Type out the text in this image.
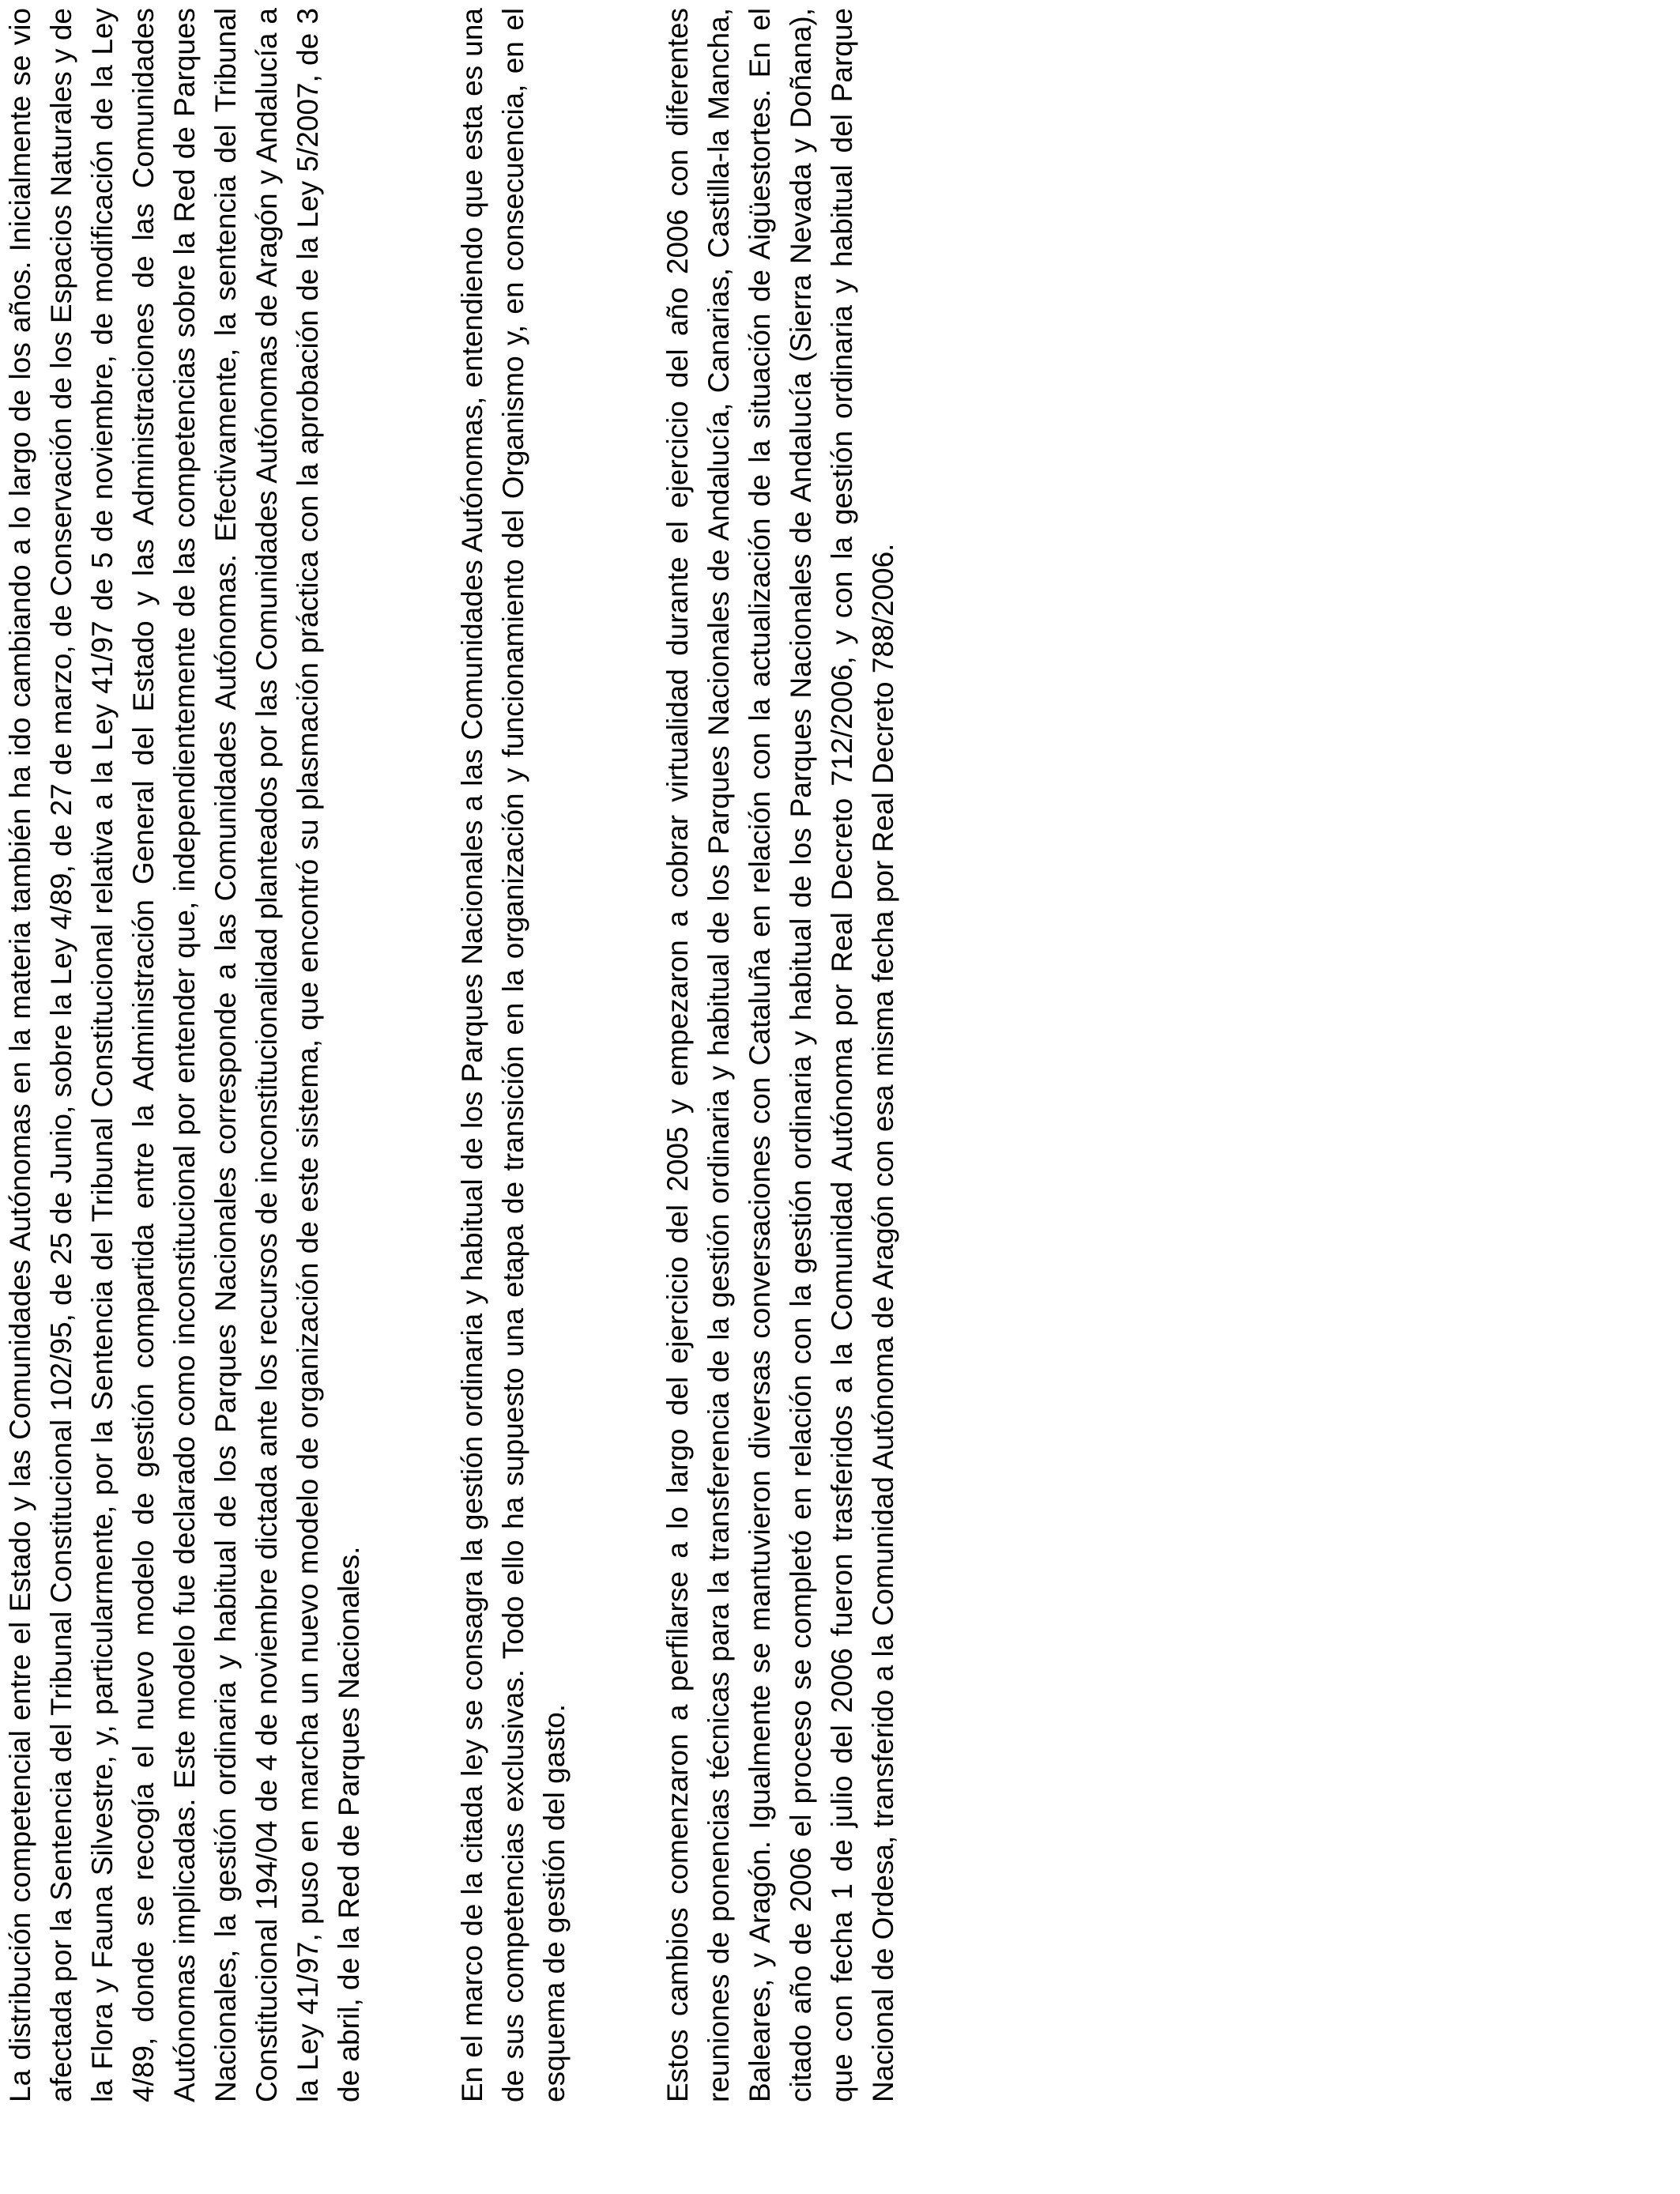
La distribución competencial entre el Estado y las Comunidades Autónomas en la materia también ha ido cambiando a lo largo de los años. Inicialmente se vio afectada por la Sentencia del Tribunal Constitucional 102/95, de 25 de Junio, sobre la Ley 4/89, de 27 de marzo, de Conservación de los Espacios Naturales y de la Flora y Fauna Silvestre, y, particularmente, por la Sentencia del Tribunal Constitucional relativa a la Ley 41/97 de 5 de noviembre, de modificación de la Ley 4/89, donde se recogía el nuevo modelo de gestión compartida entre la Administración General del Estado y las Administraciones de las Comunidades Autónomas implicadas. Este modelo fue declarado como inconstitucional por entender que, independientemente de las competencias sobre la Red de Parques Nacionales, la gestión ordinaria y habitual de los Parques Nacionales corresponde a las Comunidades Autónomas. Efectivamente, la sentencia del Tribunal Constitucional 194/04 de 4 de noviembre dictada ante los recursos de inconstitucionalidad planteados por las Comunidades Autónomas de Aragón y Andalucía a la Ley 41/97, puso en marcha un nuevo modelo de organización de este sistema, que encontró su plasmación práctica con la aprobación de la Ley 5/2007, de 3 de abril, de la Red de Parques Nacionales.	En el marco de la citada ley se consagra la gestión ordinaria y habitual de los Parques Nacionales a las Comunidades Autónomas, entendiendo que esta es una de sus competencias exclusivas. Todo ello ha supuesto una etapa de transición en la organización y funcionamiento del Organismo y, en consecuencia, en el esquema de gestión del gasto.	Estos cambios comenzaron a perfilarse a lo largo del ejercicio del 2005 y empezaron a cobrar virtualidad durante el ejercicio del año 2006 con diferentes reuniones de ponencias técnicas para la transferencia de la gestión ordinaria y habitual de los Parques Nacionales de Andalucía, Canarias, Castilla-la Mancha, Baleares, y Aragón. Igualmente se mantuvieron diversas conversaciones con Cataluña en relación con la actualización de la situación de Aigüestortes. En el citado año de 2006 el proceso se completó en relación con la gestión ordinaria y habitual de los Parques Nacionales de Andalucía (Sierra Nevada y Doñana), que con fecha 1 de julio del 2006 fueron trasferidos a la Comunidad Autónoma por Real Decreto 712/2006, y con la gestión ordinaria y habitual del Parque Nacional de Ordesa, transferido a la Comunidad Autónoma de Aragón con esa misma fecha por Real Decreto 788/2006.
